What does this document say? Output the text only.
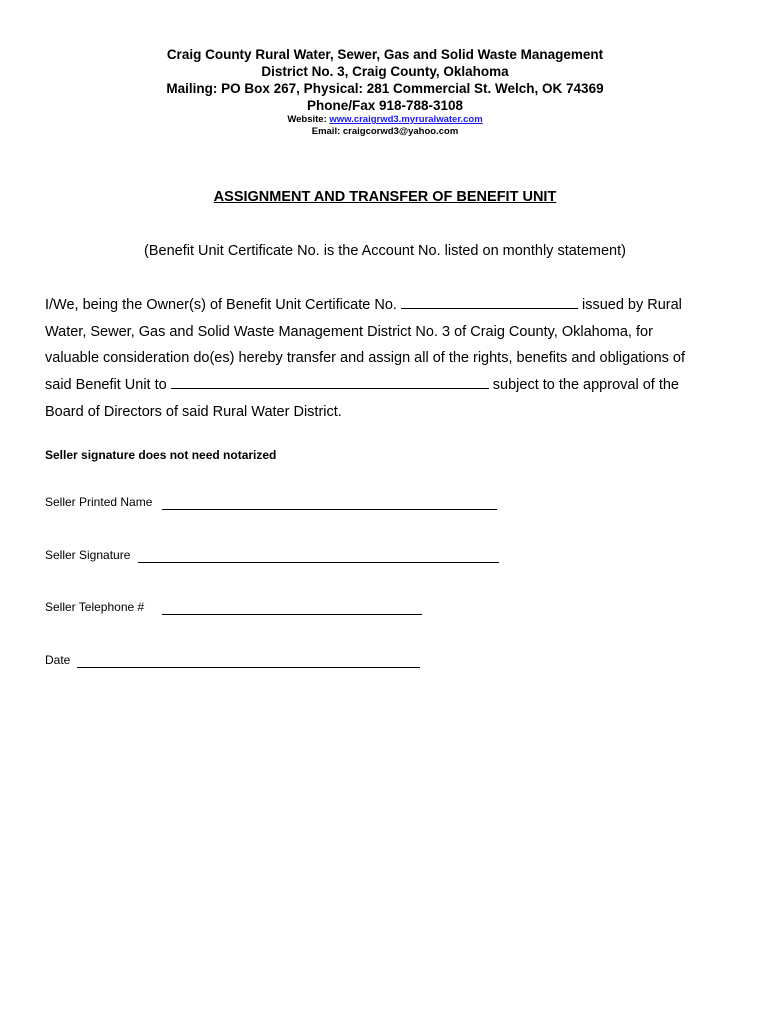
Craig County Rural Water, Sewer, Gas and Solid Waste Management
District No. 3, Craig County, Oklahoma
Mailing: PO Box 267, Physical: 281 Commercial St. Welch, OK 74369
Phone/Fax 918-788-3108
Website: www.craigrwd3.myruralwater.com
Email: craigcorwd3@yahoo.com
ASSIGNMENT AND TRANSFER OF BENEFIT UNIT
(Benefit Unit Certificate No. is the Account No. listed on monthly statement)
I/We, being the Owner(s) of Benefit Unit Certificate No.	issued by Rural
Water, Sewer, Gas and Solid Waste Management District No. 3 of Craig County, Oklahoma, for
valuable consideration do(es) hereby transfer and assign all of the rights, benefits and obligations of
said Benefit Unit to	subject to the approval of the
Board of Directors of said Rural Water District.
Seller signature does not need notarized
Seller Printed Name
Seller Signature
Seller Telephone #
Date
